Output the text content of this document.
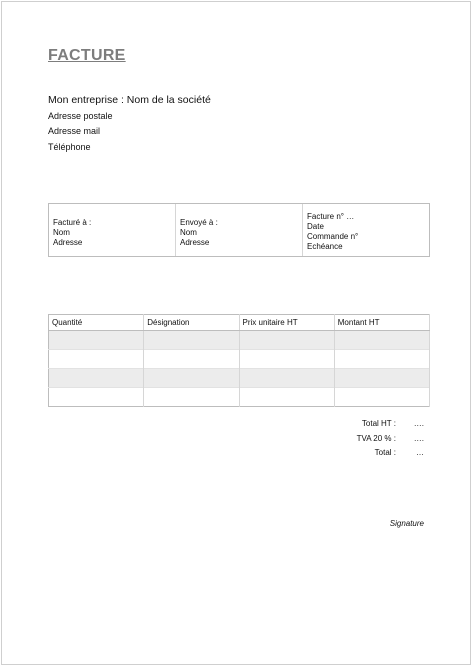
FACTURE
Mon entreprise : Nom de la société
Adresse postale
Adresse mail
Téléphone
Facturé à :
Nom
Adresse
Envoyé à :
Nom
Adresse
Facture n° …
Date
Commande n°
Echéance
Quantité	Désignation	Prix unitaire HT	Montant HT

Total HT :	….
TVA 20 % :	….
Total :	…
Signature
